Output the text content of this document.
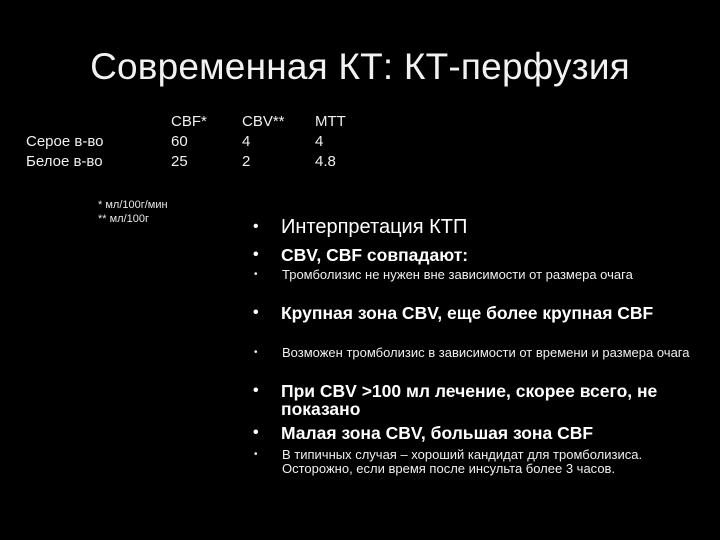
Современная КТ: КТ-перфузия
CBF* CBV** MTT
Серое в-во	60	4	4
Белое в-во	25	2	4.8
* мл/100г/мин
** мл/100г	•	Интерпретация КТП
•	CBV, CBF совпадают:
•	Тромболизис не нужен вне зависимости от размера очага
•	Крупная зона CBV, еще более крупная CBF
•	Возможен тромболизис в зависимости от времени и размера очага
•	При CBV >100 мл лечение, скорее всего, не показано
•	Малая зона CBV, большая зона CBF
•	В типичных случая – хороший кандидат для тромболизиса. Осторожно, если время после инсульта более 3 часов.
